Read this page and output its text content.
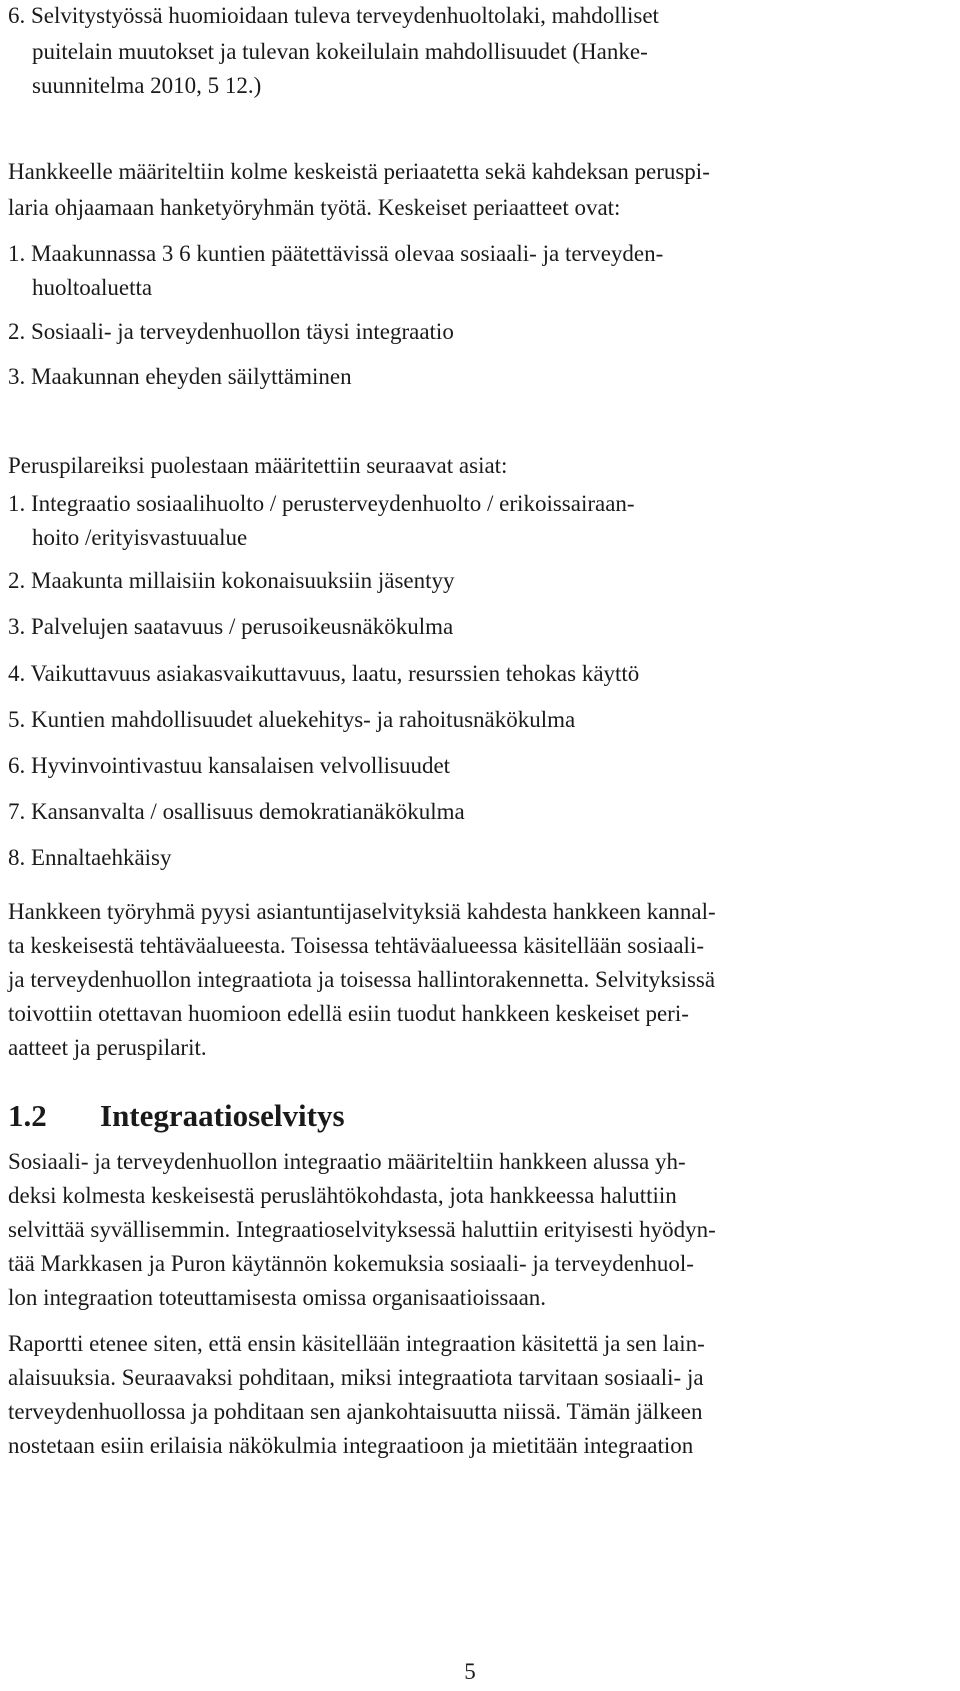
6. Selvitystyössä huomioidaan tuleva terveydenhuoltolaki, mahdolliset
puitelain muutokset ja tulevan kokeilulain mahdollisuudet (Hanke-
suunnitelma 2010, 5 12.)
Hankkeelle määriteltiin kolme keskeistä periaatetta sekä kahdeksan peruspi-
laria ohjaamaan hanketyöryhmän työtä. Keskeiset periaatteet ovat:
1. Maakunnassa 3 6 kuntien päätettävissä olevaa sosiaali- ja terveyden-
huoltoaluetta
2. Sosiaali- ja terveydenhuollon täysi integraatio
3. Maakunnan eheyden säilyttäminen
Peruspilareiksi puolestaan määritettiin seuraavat asiat:
1. Integraatio sosiaalihuolto / perusterveydenhuolto / erikoissairaan-
hoito /erityisvastuualue
2. Maakunta millaisiin kokonaisuuksiin jäsentyy
3. Palvelujen saatavuus / perusoikeusnäkökulma
4. Vaikuttavuus asiakasvaikuttavuus, laatu, resurssien tehokas käyttö
5. Kuntien mahdollisuudet aluekehitys- ja rahoitusnäkökulma
6. Hyvinvointivastuu kansalaisen velvollisuudet
7. Kansanvalta / osallisuus demokratianäkökulma
8. Ennaltaehkäisy
Hankkeen työryhmä pyysi asiantuntijaselvityksiä kahdesta hankkeen kannal-
ta keskeisestä tehtäväalueesta. Toisessa tehtäväalueessa käsitellään sosiaali-
ja terveydenhuollon integraatiota ja toisessa hallintorakennetta. Selvityksissä
toivottiin otettavan huomioon edellä esiin tuodut hankkeen keskeiset peri-
aatteet ja peruspilarit.
1.2 Integraatioselvitys
Sosiaali- ja terveydenhuollon integraatio määriteltiin hankkeen alussa yh-
deksi kolmesta keskeisestä peruslähtökohdasta, jota hankkeessa haluttiin
selvittää syvällisemmin. Integraatioselvityksessä haluttiin erityisesti hyödyn-
tää Markkasen ja Puron käytännön kokemuksia sosiaali- ja terveydenhuol-
lon integraation toteuttamisesta omissa organisaatioissaan.
Raportti etenee siten, että ensin käsitellään integraation käsitettä ja sen lain-
alaisuuksia. Seuraavaksi pohditaan, miksi integraatiota tarvitaan sosiaali- ja
terveydenhuollossa ja pohditaan sen ajankohtaisuutta niissä. Tämän jälkeen
nostetaan esiin erilaisia näkökulmia integraatioon ja mietitään integraation
5
